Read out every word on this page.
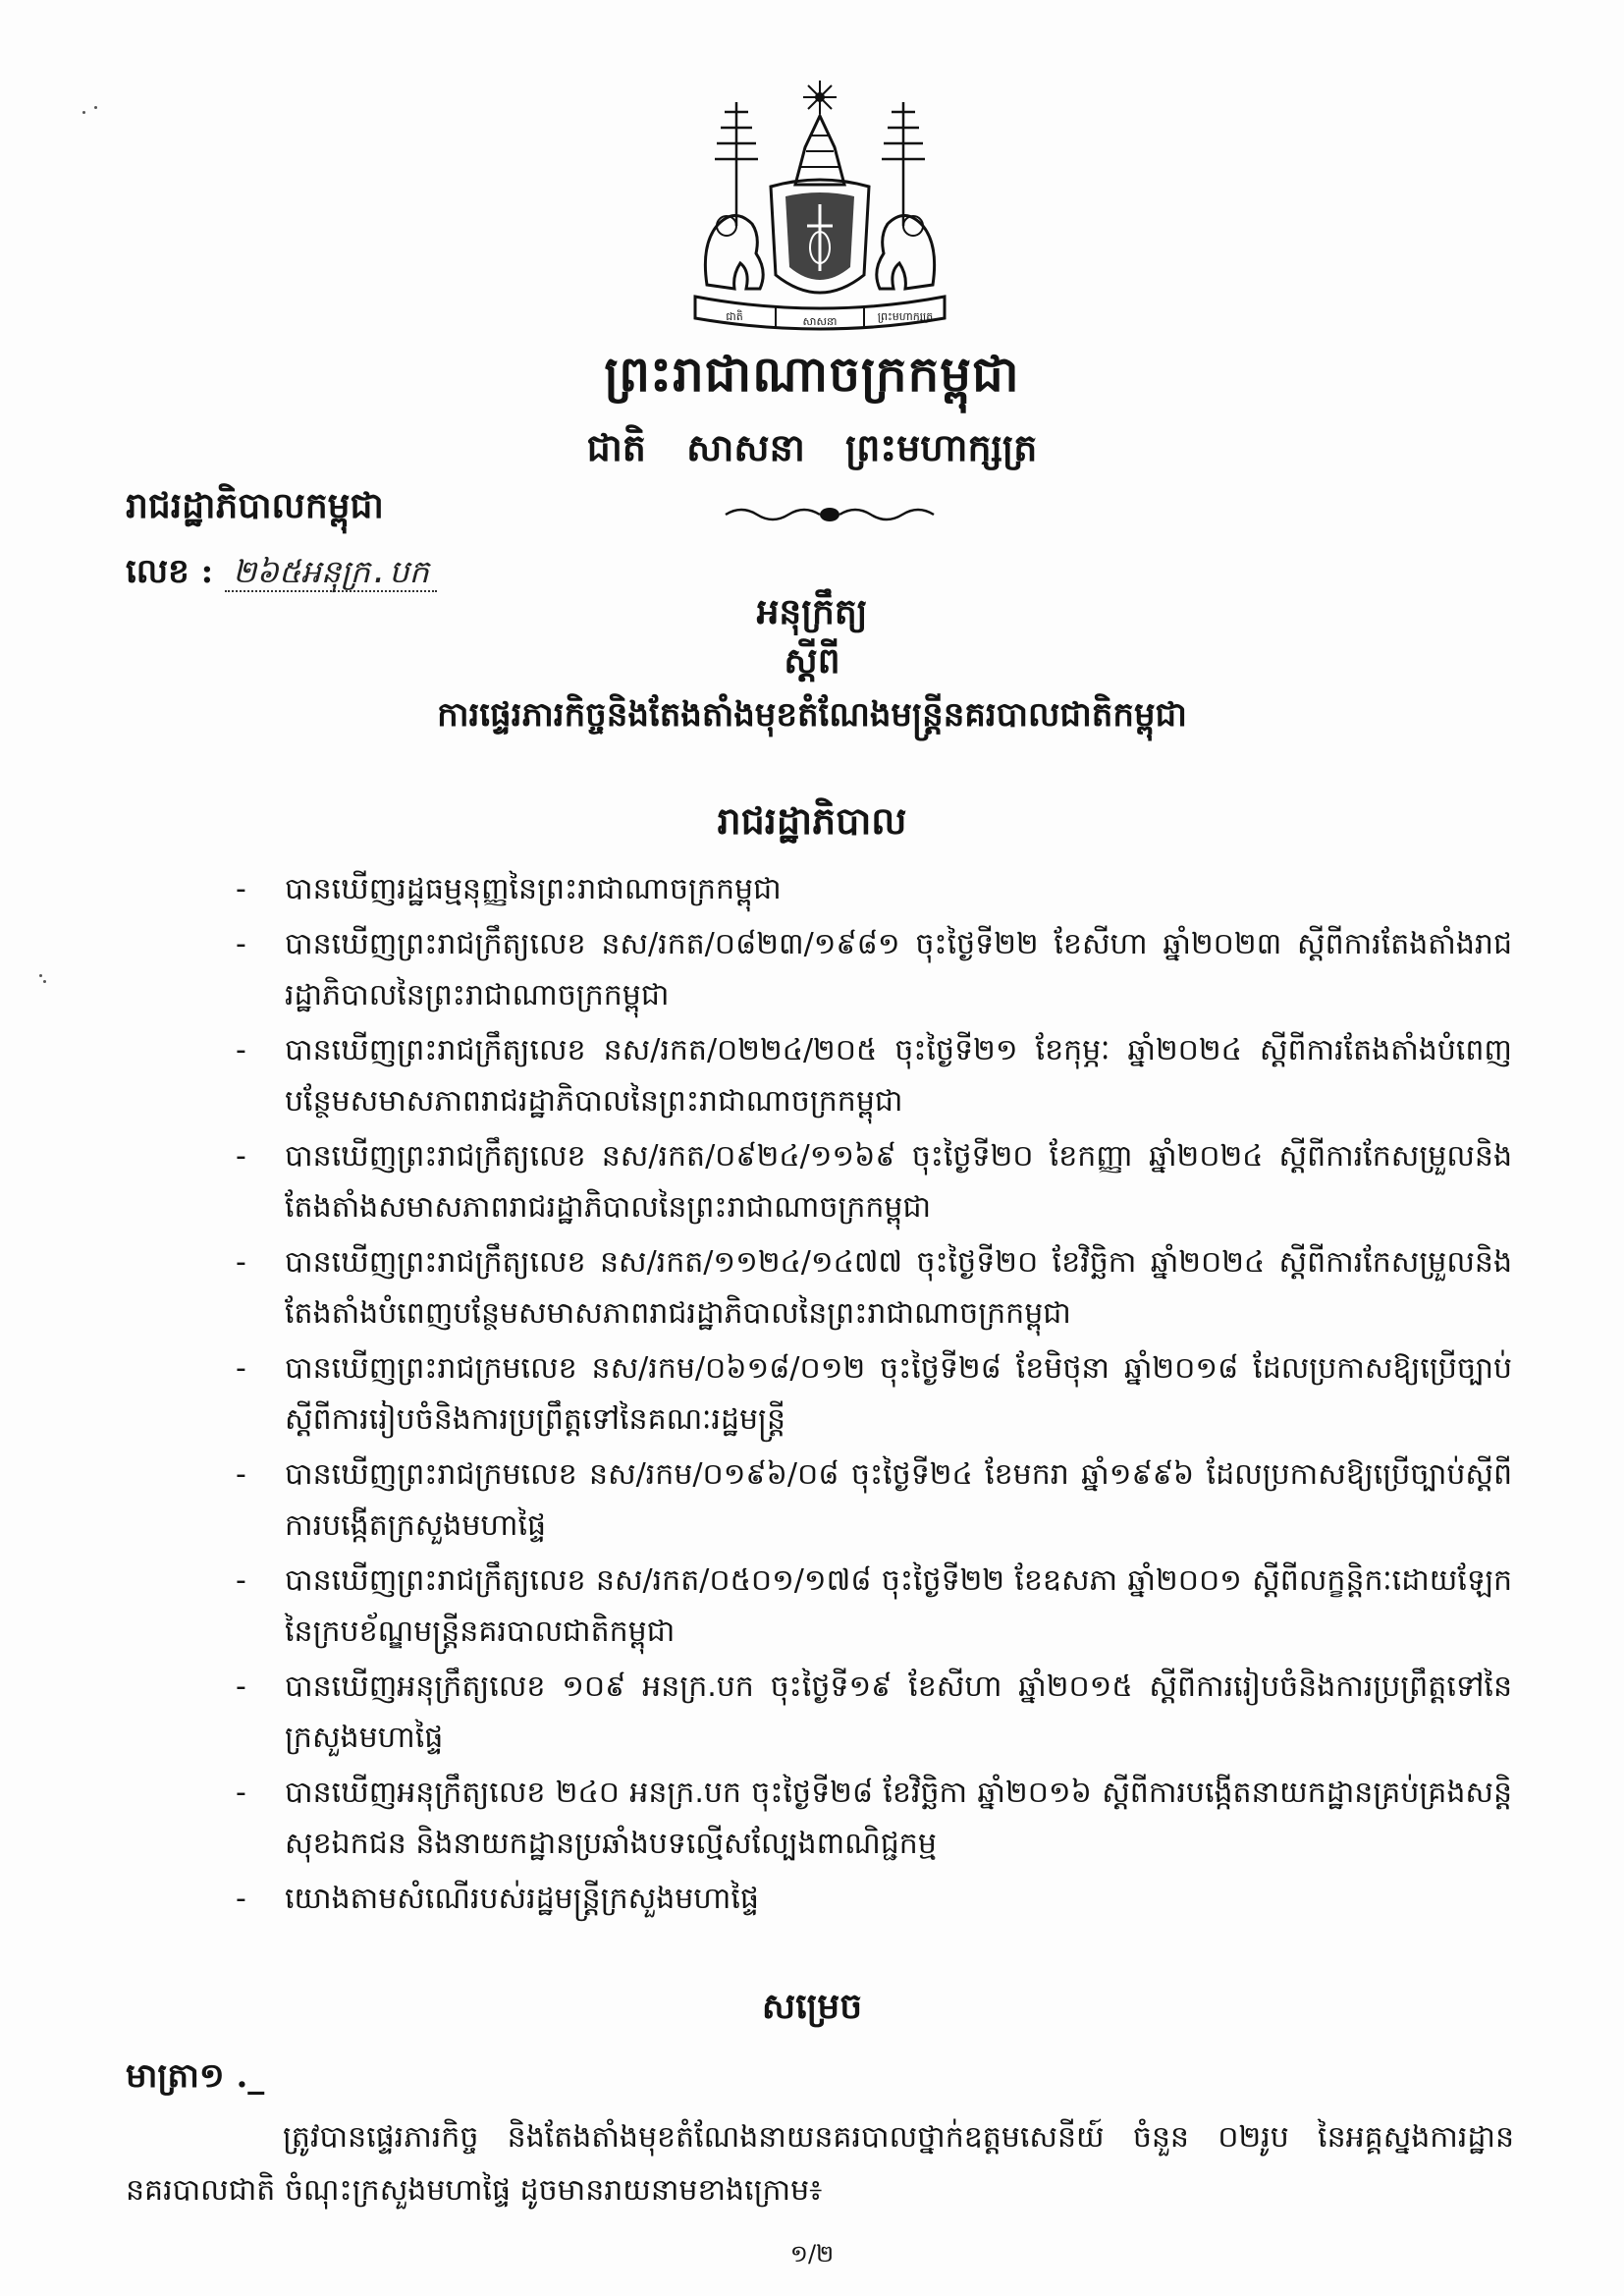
ជាតិ	សាសនា	ព្រះមហាក្សត្រ
ព្រះរាជាណាចក្រកម្ពុជា
ជាតិ សាសនា ព្រះមហាក្សត្រ
រាជរដ្ឋាភិបាលកម្ពុជា
លេខ : ២៦៥អនុក្រ.បក
អនុក្រឹត្យ
ស្តីពី
ការផ្ទេរភារកិច្ចនិងតែងតាំងមុខតំណែងមន្ត្រីនគរបាលជាតិកម្ពុជា
រាជរដ្ឋាភិបាល
- បានឃើញរដ្ឋធម្មនុញ្ញនៃព្រះរាជាណាចក្រកម្ពុជា
- បានឃើញព្រះរាជក្រឹត្យលេខ នស/រកត/០៨២៣/១៩៨១ ចុះថ្ងៃទី២២ ខែសីហា ឆ្នាំ២០២៣ ស្តីពីការតែងតាំងរាជរដ្ឋាភិបាលនៃព្រះរាជាណាចក្រកម្ពុជា
- បានឃើញព្រះរាជក្រឹត្យលេខ នស/រកត/០២២៤/២០៥ ចុះថ្ងៃទី២១ ខែកុម្ភៈ ឆ្នាំ២០២៤ ស្តីពីការតែងតាំងបំពេញបន្ថែមសមាសភាពរាជរដ្ឋាភិបាលនៃព្រះរាជាណាចក្រកម្ពុជា
- បានឃើញព្រះរាជក្រឹត្យលេខ នស/រកត/០៩២៤/១១៦៩ ចុះថ្ងៃទី២០ ខែកញ្ញា ឆ្នាំ២០២៤ ស្តីពីការកែសម្រួលនិងតែងតាំងសមាសភាពរាជរដ្ឋាភិបាលនៃព្រះរាជាណាចក្រកម្ពុជា
- បានឃើញព្រះរាជក្រឹត្យលេខ នស/រកត/១១២៤/១៤៧៧ ចុះថ្ងៃទី២០ ខែវិច្ឆិកា ឆ្នាំ២០២៤ ស្តីពីការកែសម្រួលនិងតែងតាំងបំពេញបន្ថែមសមាសភាពរាជរដ្ឋាភិបាលនៃព្រះរាជាណាចក្រកម្ពុជា
- បានឃើញព្រះរាជក្រមលេខ នស/រកម/០៦១៨/០១២ ចុះថ្ងៃទី២៨ ខែមិថុនា ឆ្នាំ២០១៨ ដែលប្រកាសឱ្យប្រើច្បាប់ស្តីពីការរៀបចំនិងការប្រព្រឹត្តទៅនៃគណៈរដ្ឋមន្ត្រី
- បានឃើញព្រះរាជក្រមលេខ នស/រកម/០១៩៦/០៨ ចុះថ្ងៃទី២៤ ខែមករា ឆ្នាំ១៩៩៦ ដែលប្រកាសឱ្យប្រើច្បាប់ស្តីពីការបង្កើតក្រសួងមហាផ្ទៃ
- បានឃើញព្រះរាជក្រឹត្យលេខ នស/រកត/០៥០១/១៧៨ ចុះថ្ងៃទី២២ ខែឧសភា ឆ្នាំ២០០១ ស្តីពីលក្ខន្តិកៈដោយឡែកនៃក្របខ័ណ្ឌមន្ត្រីនគរបាលជាតិកម្ពុជា
- បានឃើញអនុក្រឹត្យលេខ ១០៩ អនក្រ.បក ចុះថ្ងៃទី១៩ ខែសីហា ឆ្នាំ២០១៥ ស្តីពីការរៀបចំនិងការប្រព្រឹត្តទៅនៃក្រសួងមហាផ្ទៃ
- បានឃើញអនុក្រឹត្យលេខ ២៤០ អនក្រ.បក ចុះថ្ងៃទី២៨ ខែវិច្ឆិកា ឆ្នាំ២០១៦ ស្តីពីការបង្កើតនាយកដ្ឋានគ្រប់គ្រងសន្តិសុខឯកជន និងនាយកដ្ឋានប្រឆាំងបទល្មើសល្បែងពាណិជ្ជកម្ម
- យោងតាមសំណើរបស់រដ្ឋមន្ត្រីក្រសួងមហាផ្ទៃ
សម្រេច
មាត្រា១ ._
ត្រូវបានផ្ទេរភារកិច្ច និងតែងតាំងមុខតំណែងនាយនគរបាលថ្នាក់ឧត្តមសេនីយ៍ ចំនួន ០២រូប នៃអគ្គស្នងការដ្ឋាននគរបាលជាតិ ចំណុះក្រសួងមហាផ្ទៃ ដូចមានរាយនាមខាងក្រោម៖
១/២
